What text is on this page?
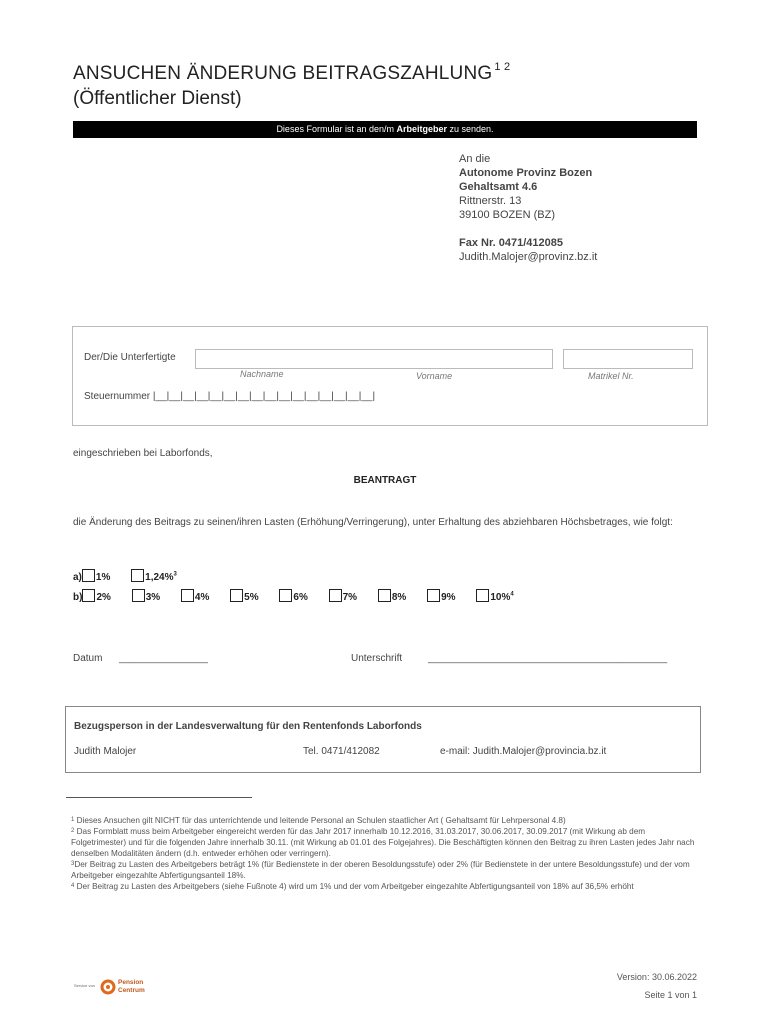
ANSUCHEN ÄNDERUNG BEITRAGSZAHLUNG $^{1 2}$
(Öffentlicher Dienst)
Dieses Formular ist an den/m Arbeitgeber zu senden.
An die
Autonome Provinz Bozen
Gehaltsamt 4.6
Rittnerstr. 13
39100 BOZEN (BZ)
Fax Nr. 0471/412085
Judith.Malojer@provinz.bz.it
Der/Die Unterfertigte
Nachname	Vorname	Matrikel Nr.
Steuernummer |__|__|__|__|__|__|__|__|__|__|__|__|__|__|__|__|
eingeschrieben bei Laborfonds,
BEANTRAGT
die Änderung des Beitrags zu seinen/ihren Lasten (Erhöhung/Verringerung), unter Erhaltung des abziehbaren Höchsbetrages, wie folgt:
a) 1%	1,24%$^3$
b) 2%	3%	4%	5%	6%	7%	8%	9%	10%$^4$
Datum ________________	Unterschrift	___________________________________________
Bezugsperson in der Landesverwaltung für den Rentenfonds Laborfonds
Judith Malojer	Tel. 0471/412082	e-mail: Judith.Malojer@provincia.bz.it
$^1$ Dieses Ansuchen gilt NICHT für das unterrichtende und leitende Personal an Schulen staatlicher Art ( Gehaltsamt für Lehrpersonal 4.8)
$^2$ Das Formblatt muss beim Arbeitgeber eingereicht werden für das Jahr 2017 innerhalb 10.12.2016, 31.03.2017, 30.06.2017, 30.09.2017 (mit Wirkung ab dem Folgetrimester) und für die folgenden Jahre innerhalb 30.11. (mit Wirkung ab 01.01 des Folgejahres). Die Beschäftigten können den Beitrag zu ihren Lasten jedes Jahr nach denselben Modalitäten ändern (d.h. entweder erhöhen oder verringern).
$^3$Der Beitrag zu Lasten des Arbeitgebers beträgt 1% (für Bedienstete in der oberen Besoldungsstufe) oder 2% (für Bedienstete in der untere Besoldungsstufe) und der vom Arbeitgeber eingezahlte Abfertigungsanteil 18%.
$^4$ Der Beitrag zu Lasten des Arbeitgebers (siehe Fußnote 4) wird um 1% und der vom Arbeitgeber eingezahlte Abfertigungsanteil von 18% auf 36,5% erhöht
Service von	Pension
Centrum
Version: 30.06.2022
Seite 1 von 1
